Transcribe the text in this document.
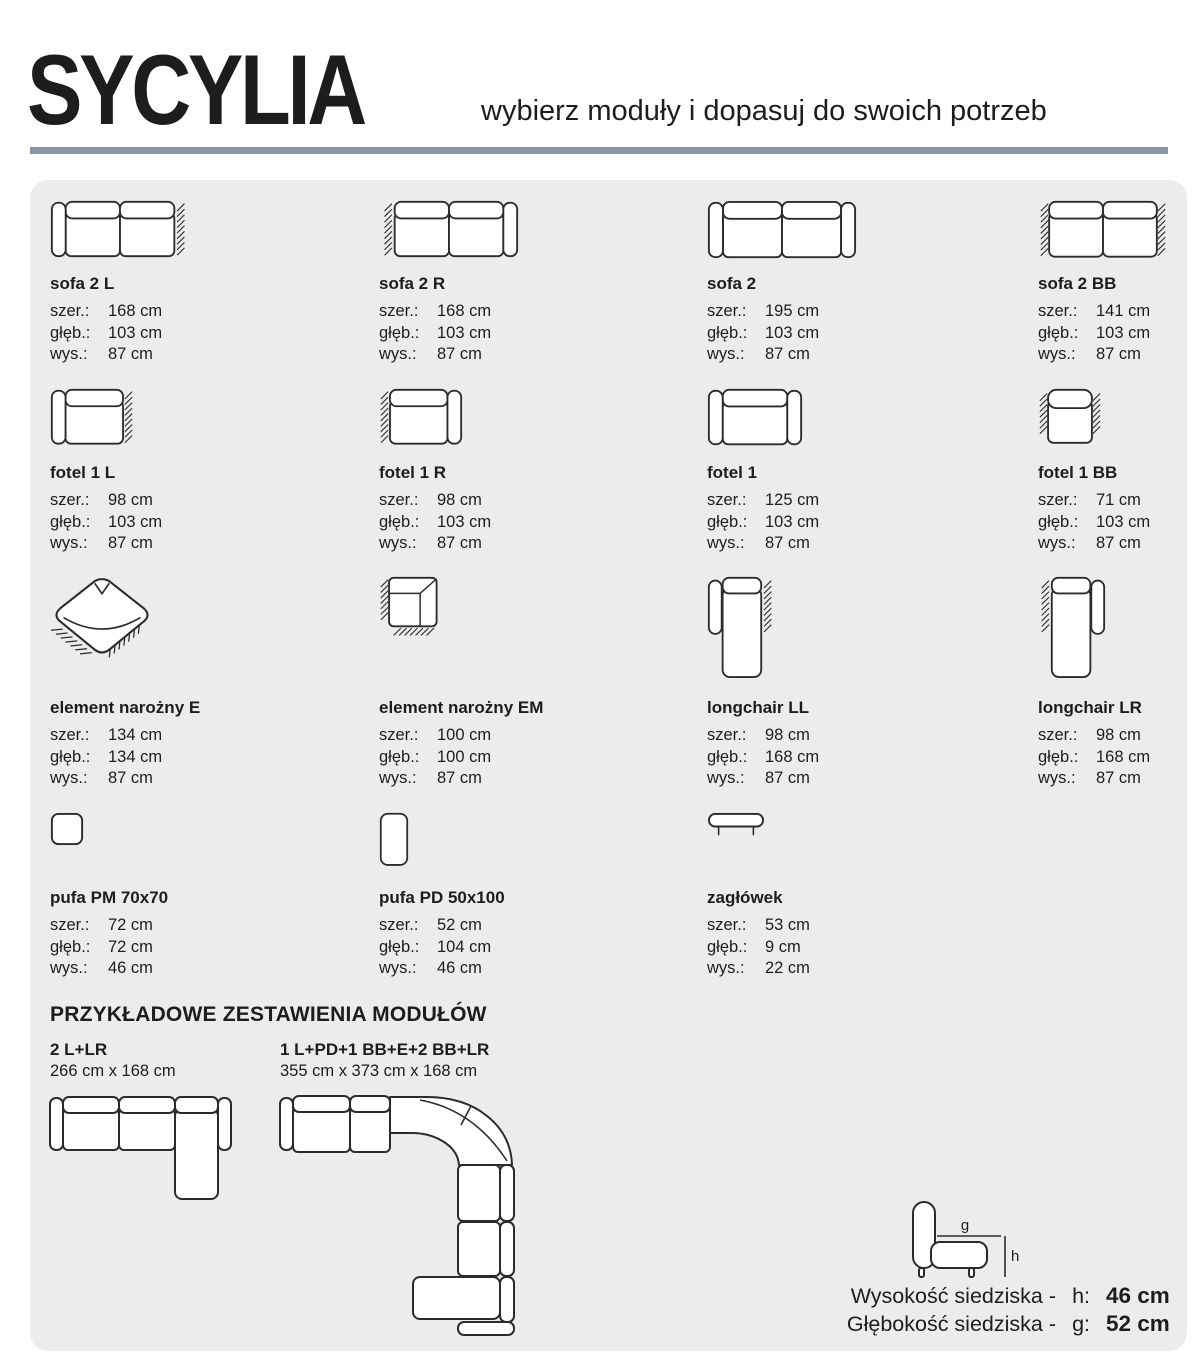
SYCYLIA	wybierz moduły i dopasuj do swoich potrzeb
sofa 2 L
szer.: 168 cm
głęb.: 103 cm
wys.: 87 cm
sofa 2 R
szer.: 168 cm
głęb.: 103 cm
wys.: 87 cm
sofa 2
szer.: 195 cm
głęb.: 103 cm
wys.: 87 cm
sofa 2 BB
szer.: 141 cm
głęb.: 103 cm
wys.: 87 cm
fotel 1 L
szer.: 98 cm
głęb.: 103 cm
wys.: 87 cm
fotel 1 R
szer.: 98 cm
głęb.: 103 cm
wys.: 87 cm
fotel 1
szer.: 125 cm
głęb.: 103 cm
wys.: 87 cm
fotel 1 BB
szer.: 71 cm
głęb.: 103 cm
wys.: 87 cm
element narożny E
szer.: 134 cm
głęb.: 134 cm
wys.: 87 cm
element narożny EM
szer.: 100 cm
głęb.: 100 cm
wys.: 87 cm
longchair LL
szer.: 98 cm
głęb.: 168 cm
wys.: 87 cm
longchair LR
szer.: 98 cm
głęb.: 168 cm
wys.: 87 cm
pufa PM 70x70
szer.: 72 cm
głęb.: 72 cm
wys.: 46 cm
pufa PD 50x100
szer.: 52 cm
głęb.: 104 cm
wys.: 46 cm
zagłówek
szer.: 53 cm
głęb.: 9 cm
wys.: 22 cm
PRZYKŁADOWE ZESTAWIENIA MODUŁÓW
2 L+LR
266 cm x 168 cm
1 L+PD+1 BB+E+2 BB+LR
355 cm x 373 cm x 168 cm
g
h
Wysokość siedziska - h: 46 cm
Głębokość siedziska - g: 52 cm
